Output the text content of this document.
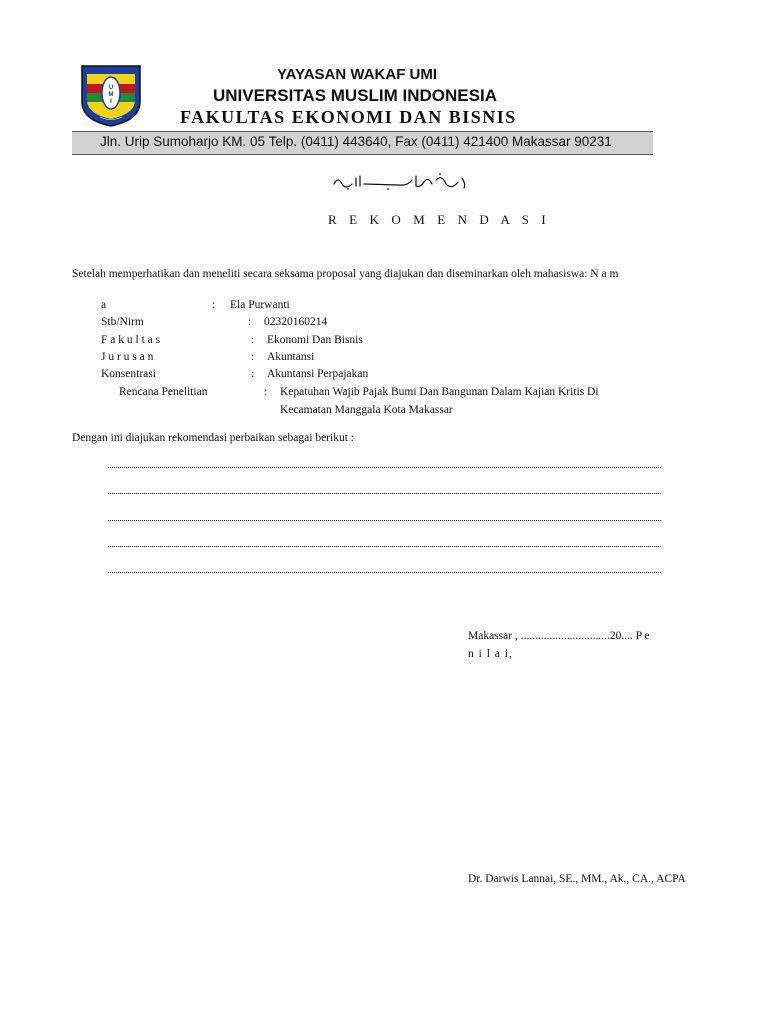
U
M
I
YAYASAN WAKAF UMI
UNIVERSITAS MUSLIM INDONESIA
FAKULTAS EKONOMI DAN BISNIS
Jln. Urip Sumoharjo KM. 05 Telp. (0411) 443640, Fax (0411) 421400 Makassar 90231
R E K O M E N D A S I
Setelah memperhatikan dan meneliti secara seksama proposal yang diajukan dan diseminarkan oleh mahasiswa: N a m
a	: Ela Purwanti
Stb/Nirm	: 02320160214
F a k u l t a s	: Ekonomi Dan Bisnis
J u r u s a n	: Akuntansi
Konsentrasi	: Akuntansi Perpajakan
Rencana Penelitian	: Kepatuhan Wajib Pajak Bumi Dan Bangunan Dalam Kajian Kritis Di
Kecamatan Manggala Kota Makassar
Dengan ini diajukan rekomendasi perbaikan sebagai berikut :
Makassar , ...............................20.... P e
n i l a i,
Dr. Darwis Lannai, SE., MM., Ak., CA., ACPA
